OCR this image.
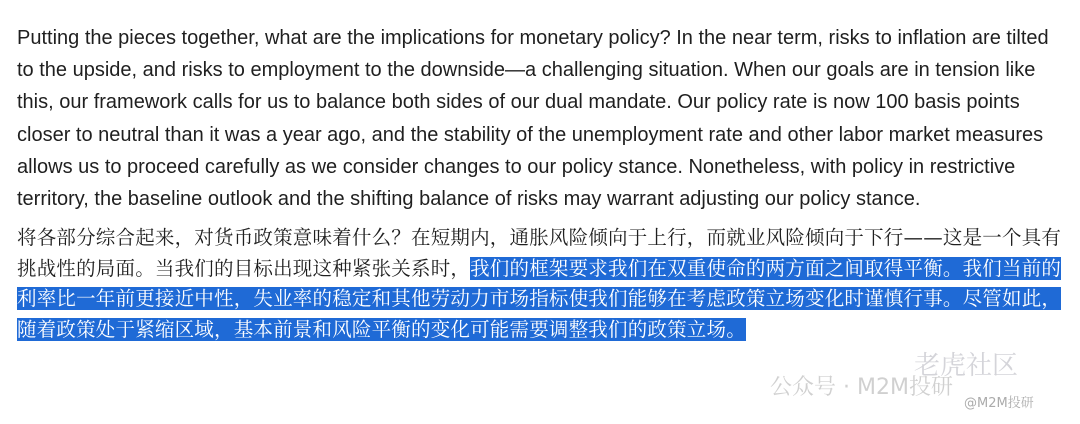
Putting the pieces together, what are the implications for monetary policy? In the near term, risks to inflation are tilted to the upside, and risks to employment to the downside—a challenging situation. When our goals are in tension like this, our framework calls for us to balance both sides of our dual mandate. Our policy rate is now 100 basis points closer to neutral than it was a year ago, and the stability of the unemployment rate and other labor market measures allows us to proceed carefully as we consider changes to our policy stance. Nonetheless, with policy in restrictive territory, the baseline outlook and the shifting balance of risks may warrant adjusting our policy stance.

将各部分综合起来，对货币政策意味着什么？在短期内，通胀风险倾向于上行，而就业风险倾向于下行——这是一个具有挑战性的局面。当我们的目标出现这种紧张关系时，我们的框架要求我们在双重使命的两方面之间取得平衡。我们当前的利率比一年前更接近中性，失业率的稳定和其他劳动力市场指标使我们能够在考虑政策立场变化时谨慎行事。尽管如此，随着政策处于紧缩区域，基本前景和风险平衡的变化可能需要调整我们的政策立场。

老虎社区
公众号 · M2M投研
@M2M投研
